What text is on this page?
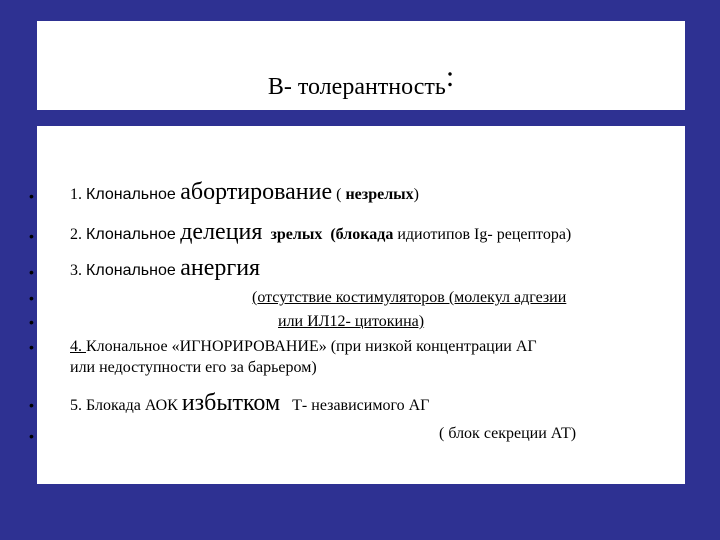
В- толерантность:
• 1. Клональное абортирование ( незрелых)
• 2. Клональное делеция зрелых (блокада идиотипов Ig- рецептора)
• 3. Клональное анергия
•	(отсутствие костимуляторов (молекул адгезии
•	или ИЛ12- цитокина)
• 4. Клональное «ИГНОРИРОВАНИЕ» (при низкой концентрации АГ
или недоступности его за барьером)
• 5. Блокада АОК избытком   Т- независимого АГ
•	( блок секреции АТ)
